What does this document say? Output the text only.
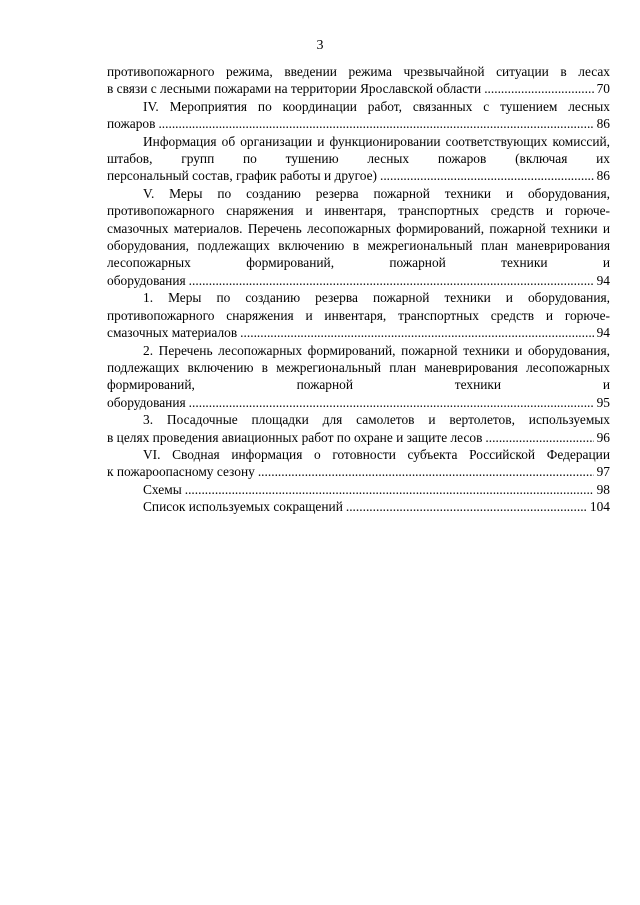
3
противопожарного режима, введении режима чрезвычайной ситуации в лесах
в связи с лесными пожарами на территории Ярославской области .....	70
IV. Мероприятия по координации работ, связанных с тушением лесных
пожаров .....	86
Информация об организации и функционировании соответствующих комиссий, штабов, групп по тушению лесных пожаров (включая их
персональный состав, график работы и другое) .....	86
V. Меры по созданию резерва пожарной техники и оборудования, противопожарного снаряжения и инвентаря, транспортных средств и горюче-смазочных материалов. Перечень лесопожарных формирований, пожарной техники и оборудования, подлежащих включению в межрегиональный план маневрирования лесопожарных формирований, пожарной техники и
оборудования .....	94
1. Меры по созданию резерва пожарной техники и оборудования, противопожарного снаряжения и инвентаря, транспортных средств и горюче-
смазочных материалов .....	94
2. Перечень лесопожарных формирований, пожарной техники и оборудования, подлежащих включению в межрегиональный план маневрирования лесопожарных формирований, пожарной техники и
оборудования .....	95
3. Посадочные площадки для самолетов и вертолетов, используемых
в целях проведения авиационных работ по охране и защите лесов .....	96
VI. Сводная информация о готовности субъекта Российской Федерации
к пожароопасному сезону .....	97
Схемы .....	98
Список используемых сокращений .....	104
